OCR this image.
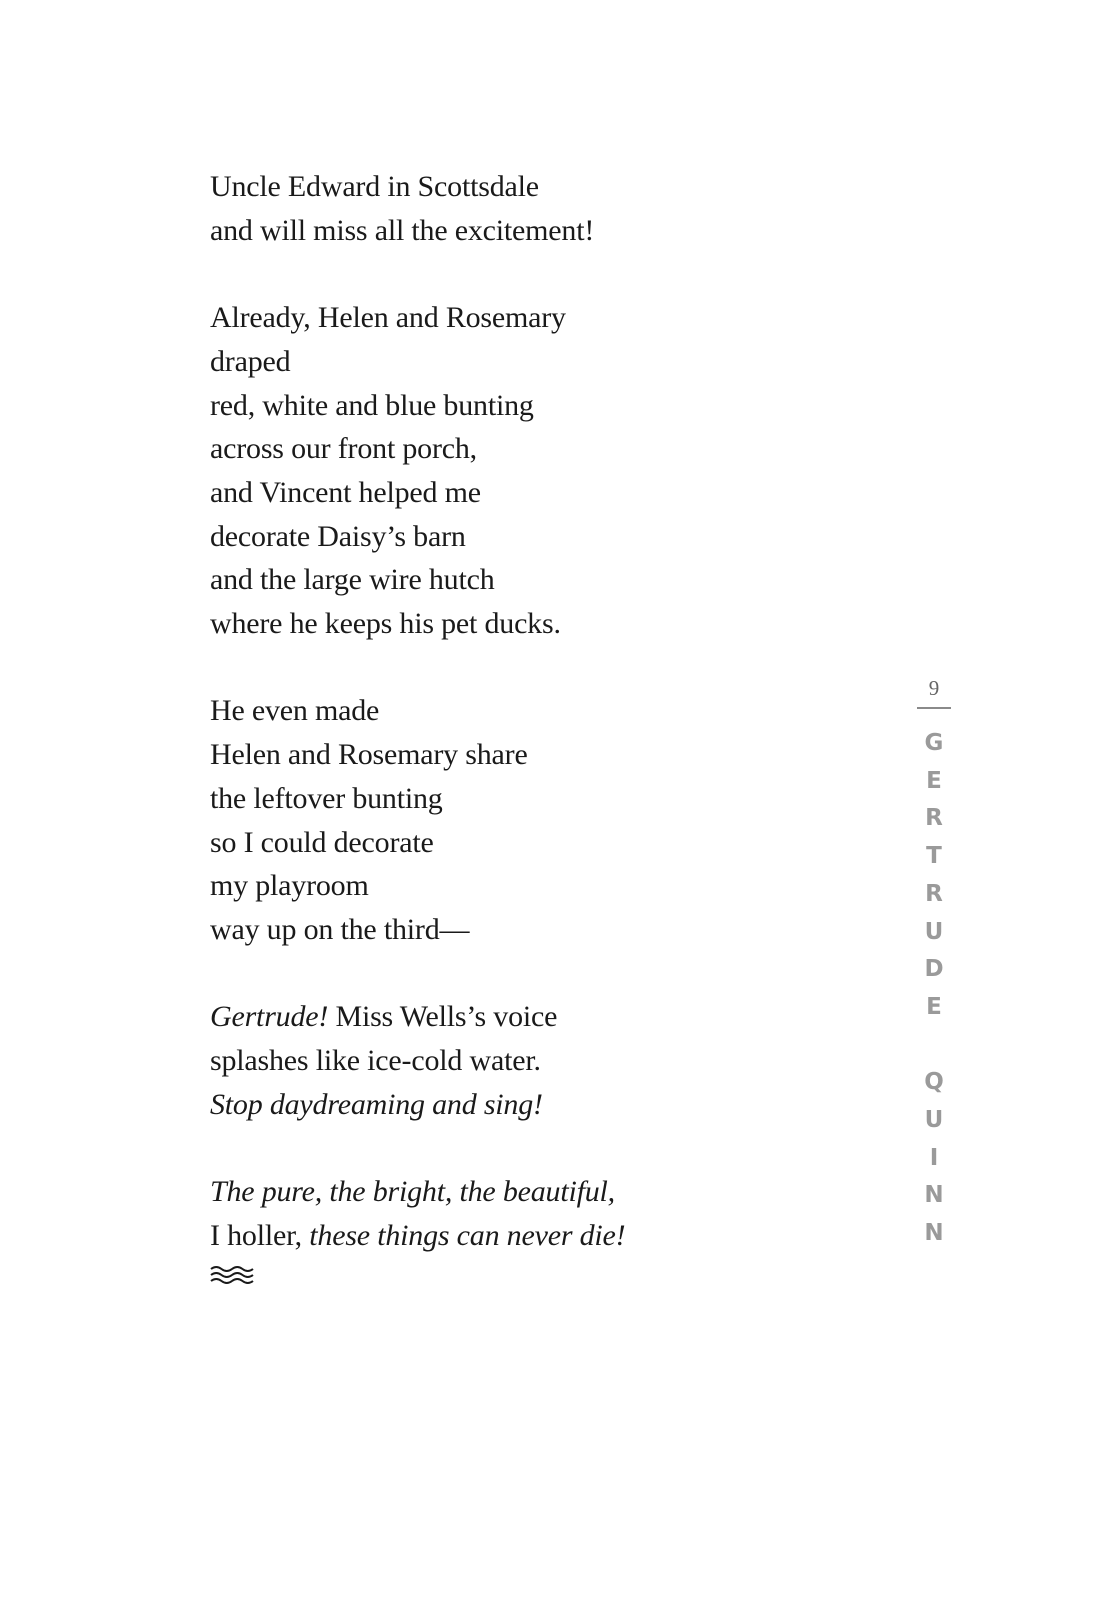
Uncle Edward in Scottsdale
and will miss all the excitement!
Already, Helen and Rosemary
draped
red, white and blue bunting
across our front porch,
and Vincent helped me
decorate Daisy’s barn
and the large wire hutch
where he keeps his pet ducks.
He even made
Helen and Rosemary share
the leftover bunting
so I could decorate
my playroom
way up on the third—
Gertrude! Miss Wells’s voice
splashes like ice-cold water.
Stop daydreaming and sing!
The pure, the bright, the beautiful,
I holler, these things can never die!
9
G
E
R
T
R
U
D
E
Q
U
I
N
N
